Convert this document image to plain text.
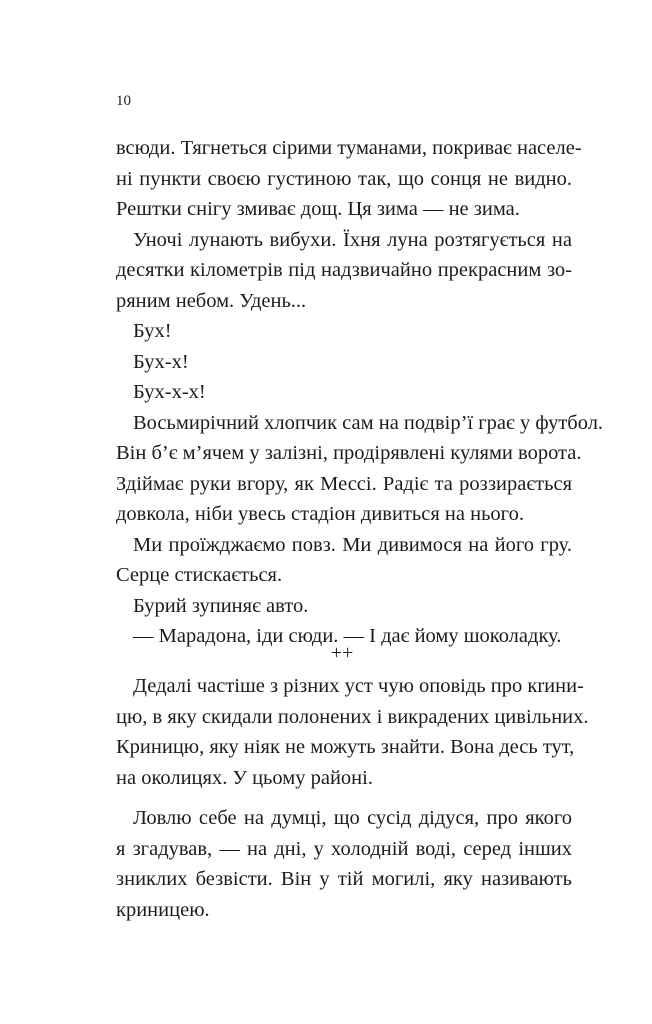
10
всюди. Тягнеться сірими туманами, покриває населе-
ні пункти своєю густиною так, що сонця не видно.
Рештки снігу змиває дощ. Ця зима — не зима.
Уночі лунають вибухи. Їхня луна розтягується на
десятки кілометрів під надзвичайно прекрасним зо-
ряним небом. Удень...
Бух!
Бух-х!
Бух-х-х!
Восьмирічний хлопчик сам на подвір’ї грає у футбол.
Він б’є м’ячем у залізні, продірявлені кулями ворота.
Здіймає руки вгору, як Мессі. Радіє та роззирається
довкола, ніби увесь стадіон дивиться на нього.
Ми проїжджаємо повз. Ми дивимося на його гру.
Серце стискається.
Бурий зупиняє авто.
— Марадона, іди сюди. — І дає йому шоколадку.
++
Дедалі частіше з різних уст чую оповідь про кrини-
цю, в яку скидали полонених і викрадених цивільних.
Криницю, яку ніяк не можуть знайти. Вона десь тут,
на околицях. У цьому районі.
Ловлю себе на думці, що сусід дідуся, про якого
я згадував, — на дні, у холодній воді, серед інших
зниклих безвісти. Він у тій могилі, яку називають
криницею.
